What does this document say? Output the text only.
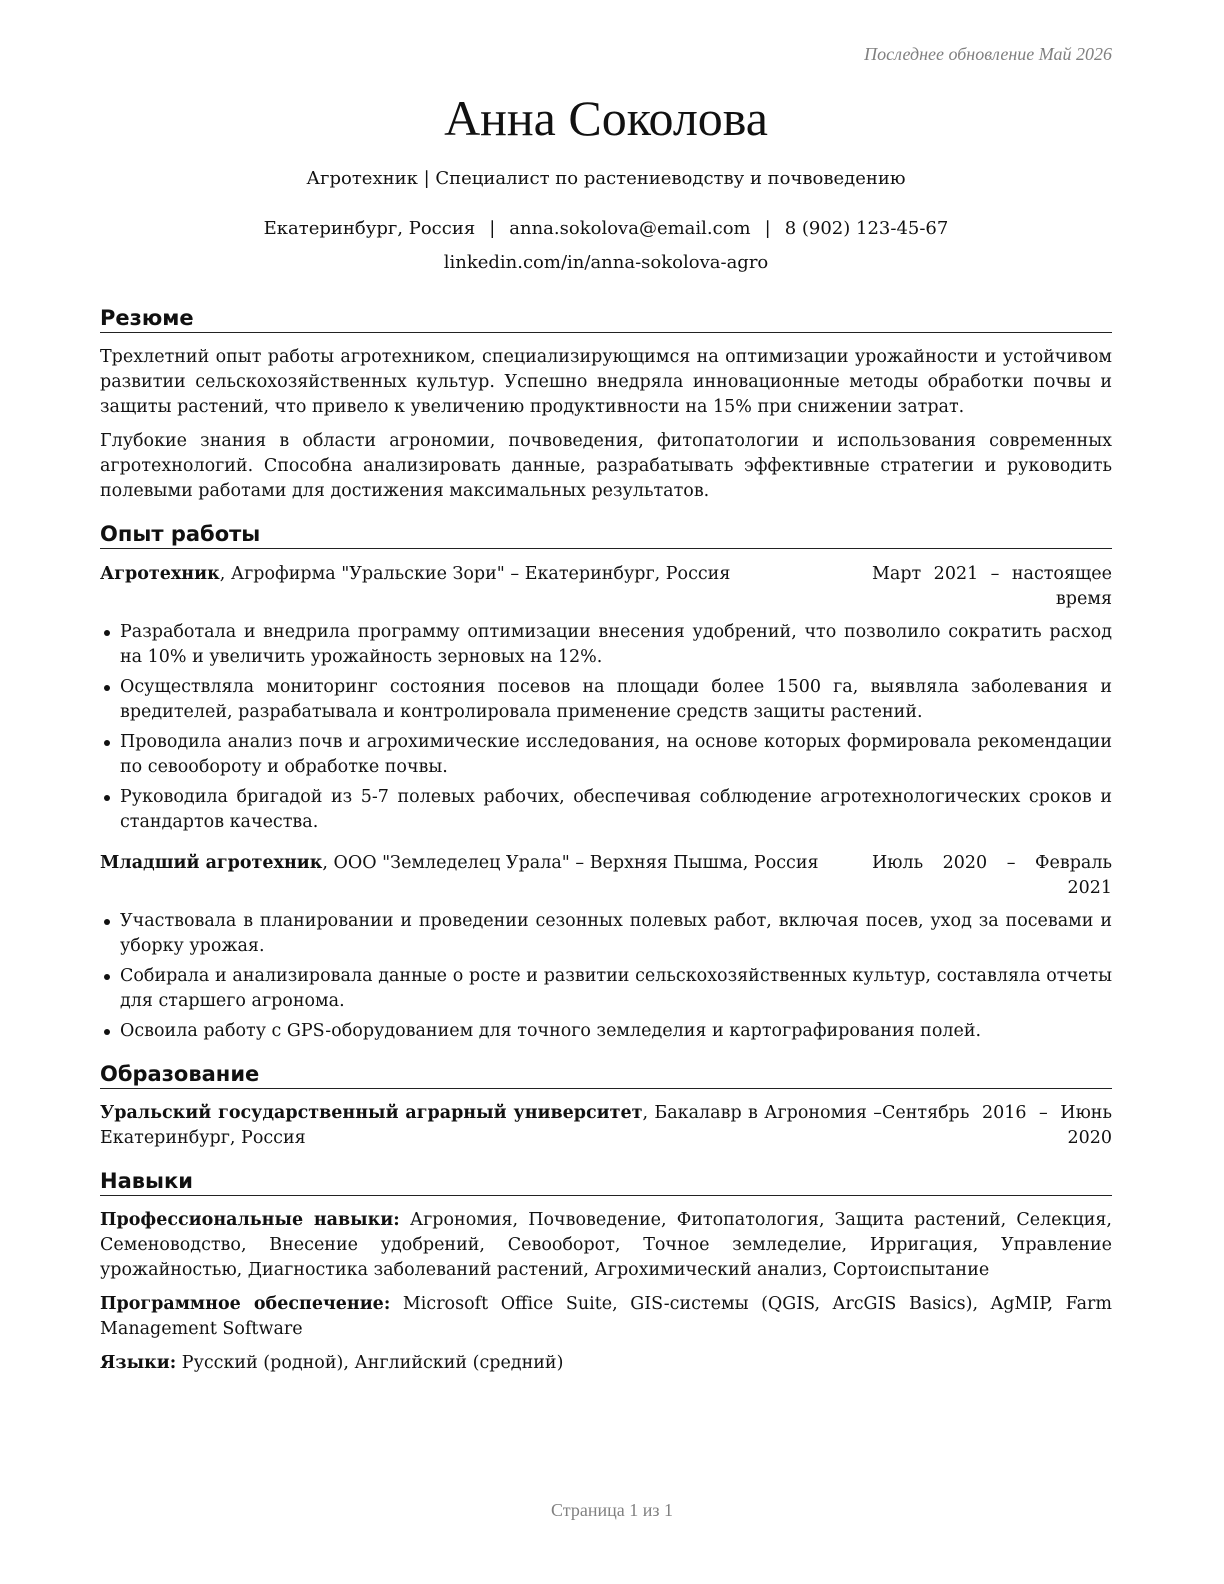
Последнее обновление Май 2026
Анна Соколова
Агротехник | Специалист по растениеводству и почвоведению
Екатеринбург, Россия | anna.sokolova@email.com | 8 (902) 123-45-67
linkedin.com/in/anna-sokolova-agro
Резюме

Трехлетний опыт работы агротехником, специализирующимся на оптимизации урожайности и устойчивом развитии сельскохозяйственных культур. Успешно внедряла инновационные методы обработки почвы и защиты растений, что привело к увеличению продуктивности на 15% при снижении затрат.

Глубокие знания в области агрономии, почвоведения, фитопатологии и использования современных агротехнологий. Способна анализировать данные, разрабатывать эффективные стратегии и руководить полевыми работами для достижения максимальных результатов.

Опыт работы
Агротехник, Агрофирма "Уральские Зори" – Екатеринбург, Россия	Март 2021 – настоящее
время
Разработала и внедрила программу оптимизации внесения удобрений, что позволило сократить расход на 10% и увеличить урожайность зерновых на 12%.
Осуществляла мониторинг состояния посевов на площади более 1500 га, выявляла заболевания и вредителей, разрабатывала и контролировала применение средств защиты растений.
Проводила анализ почв и агрохимические исследования, на основе которых формировала рекомендации по севообороту и обработке почвы.
Руководила бригадой из 5-7 полевых рабочих, обеспечивая соблюдение агротехнологических сроков и стандартов качества.
Младший агротехник, ООО "Земледелец Урала" – Верхняя Пышма, Россия	Июль 2020 – Февраль
2021
Участвовала в планировании и проведении сезонных полевых работ, включая посев, уход за посевами и уборку урожая.
Собирала и анализировала данные о росте и развитии сельскохозяйственных культур, составляла отчеты для старшего агронома.
Освоила работу с GPS-оборудованием для точного земледелия и картографирования полей.
Образование
Уральский государственный аграрный университет, Бакалавр в Агрономия –
Екатеринбург, Россия
Сентябрь 2016 – Июнь
2020
Навыки
Профессиональные навыки: Агрономия, Почвоведение, Фитопатология, Защита растений, Селекция, Семеноводство, Внесение удобрений, Севооборот, Точное земледелие, Ирригация, Управление урожайностью, Диагностика заболеваний растений, Агрохимический анализ, Сортоиспытание
Программное обеспечение: Microsoft Office Suite, GIS-системы (QGIS, ArcGIS Basics), AgMIP, Farm Management Software
Языки: Русский (родной), Английский (средний)
Страница 1 из 1
